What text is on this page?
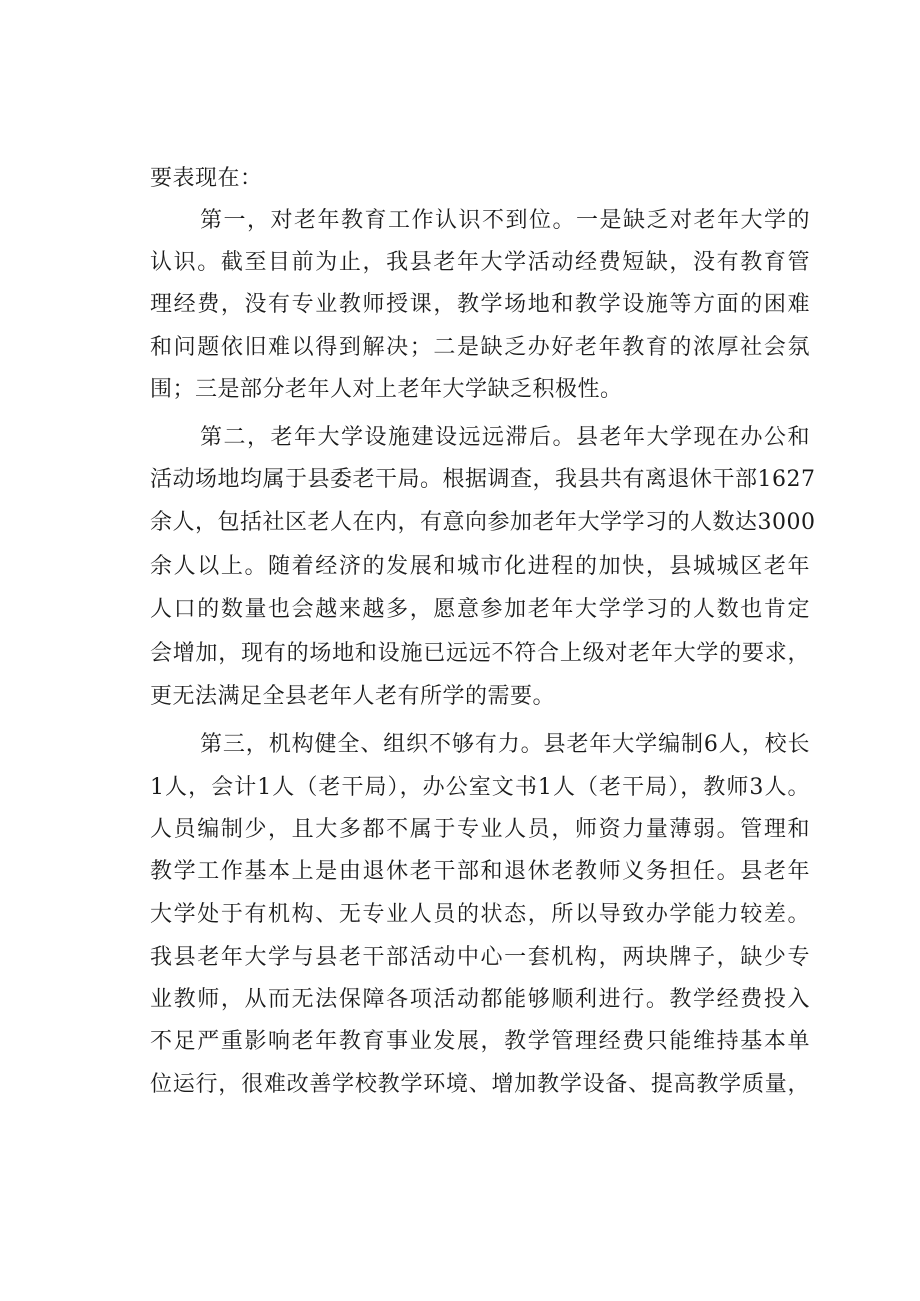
要表现在：
第一，对老年教育工作认识不到位。一是缺乏对老年大学的
认识。截至目前为止，我县老年大学活动经费短缺，没有教育管
理经费，没有专业教师授课，教学场地和教学设施等方面的困难
和问题依旧难以得到解决；二是缺乏办好老年教育的浓厚社会氛
围；三是部分老年人对上老年大学缺乏积极性。
第二，老年大学设施建设远远滞后。县老年大学现在办公和
活动场地均属于县委老干局。根据调查，我县共有离退休干部1627
余人，包括社区老人在内，有意向参加老年大学学习的人数达3000
余人以上。随着经济的发展和城市化进程的加快，县城城区老年
人口的数量也会越来越多，愿意参加老年大学学习的人数也肯定
会增加，现有的场地和设施已远远不符合上级对老年大学的要求，
更无法满足全县老年人老有所学的需要。
第三，机构健全、组织不够有力。县老年大学编制6人，校长
1人，会计1人（老干局），办公室文书1人（老干局），教师3人。
人员编制少，且大多都不属于专业人员，师资力量薄弱。管理和
教学工作基本上是由退休老干部和退休老教师义务担任。县老年
大学处于有机构、无专业人员的状态，所以导致办学能力较差。
我县老年大学与县老干部活动中心一套机构，两块牌子，缺少专
业教师，从而无法保障各项活动都能够顺利进行。教学经费投入
不足严重影响老年教育事业发展，教学管理经费只能维持基本单
位运行，很难改善学校教学环境、增加教学设备、提高教学质量，
